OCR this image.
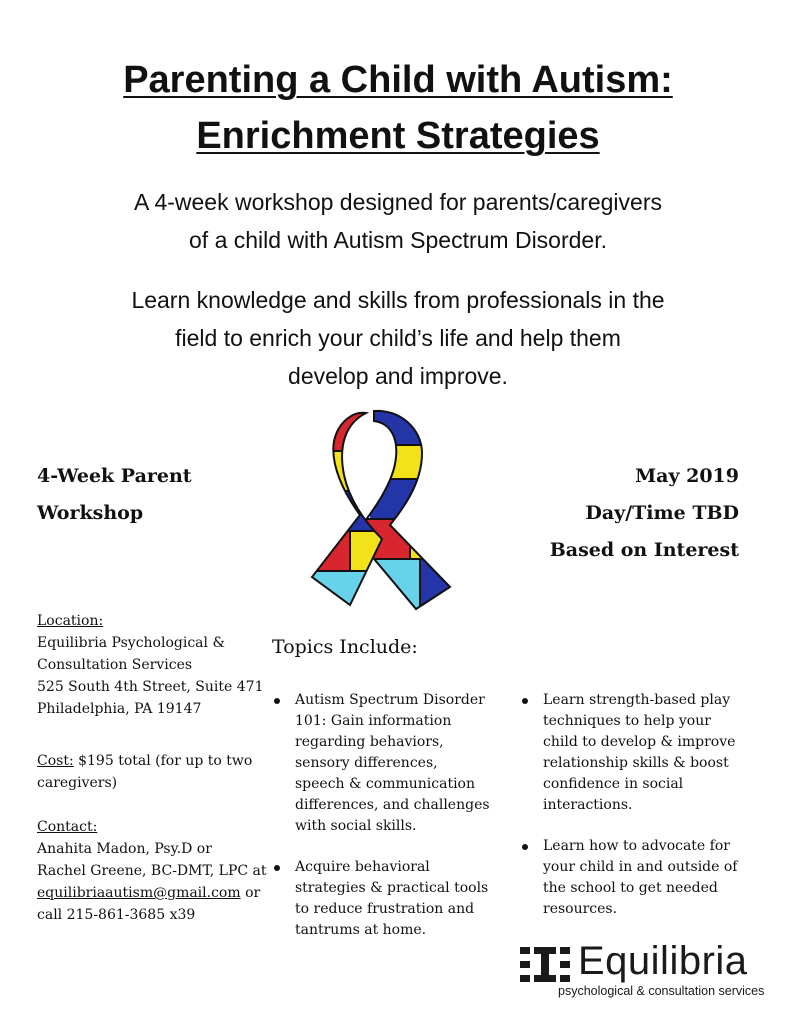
Parenting a Child with Autism:
Enrichment Strategies
A 4-week workshop designed for parents/caregivers
of a child with Autism Spectrum Disorder.
Learn knowledge and skills from professionals in the
field to enrich your child’s life and help them
develop and improve.
4-Week Parent
Workshop
May 2019
Day/Time TBD
Based on Interest
Location:
Equilibria Psychological &
Consultation Services
525 South 4th Street, Suite 471
Philadelphia, PA 19147
Cost: $195 total (for up to two caregivers)
Contact:
Anahita Madon, Psy.D or
Rachel Greene, BC-DMT, LPC at
equilibriaautism@gmail.com or
call 215-861-3685 x39
Topics Include:
Autism Spectrum Disorder 101: Gain information regarding behaviors, sensory differences, speech & communication differences, and challenges with social skills.
Acquire behavioral strategies & practical tools to reduce frustration and tantrums at home.
Learn strength-based play techniques to help your child to develop & improve relationship skills & boost confidence in social interactions.
Learn how to advocate for your child in and outside of the school to get needed resources.
Equilibria
psychological & consultation services
